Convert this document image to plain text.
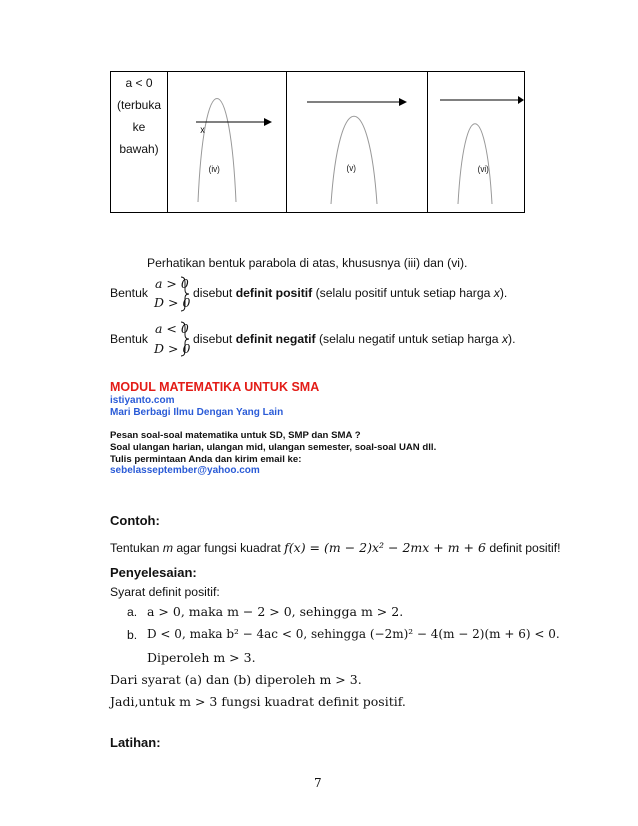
a < 0
(terbuka
ke
bawah)
x
(iv)	(v)	(vi)
Perhatikan bentuk parabola di atas, khususnya (iii) dan (vi).
Bentuk
a > 0
D > 0
disebut definit positif (selalu positif untuk setiap harga x).
Bentuk
a < 0
D > 0
disebut definit negatif (selalu negatif untuk setiap harga x).
MODUL MATEMATIKA UNTUK SMA
istiyanto.com
Mari Berbagi Ilmu Dengan Yang Lain
Pesan soal-soal matematika untuk SD, SMP dan SMA ?
Soal ulangan harian, ulangan mid, ulangan semester, soal-soal UAN dll.
Tulis permintaan Anda dan kirim email ke:
sebelasseptember@yahoo.com
Contoh:
Tentukan m agar fungsi kuadrat f(x) = (m − 2)x² − 2mx + m + 6 definit positif!
Penyelesaian:
Syarat definit positif:
a. a > 0, maka m − 2 > 0, sehingga m > 2.
b. D < 0, maka b² − 4ac < 0, sehingga (−2m)² − 4(m − 2)(m + 6) < 0.
Diperoleh m > 3.
Dari syarat (a) dan (b) diperoleh m > 3.
Jadi,untuk m > 3 fungsi kuadrat definit positif.
Latihan:
7
